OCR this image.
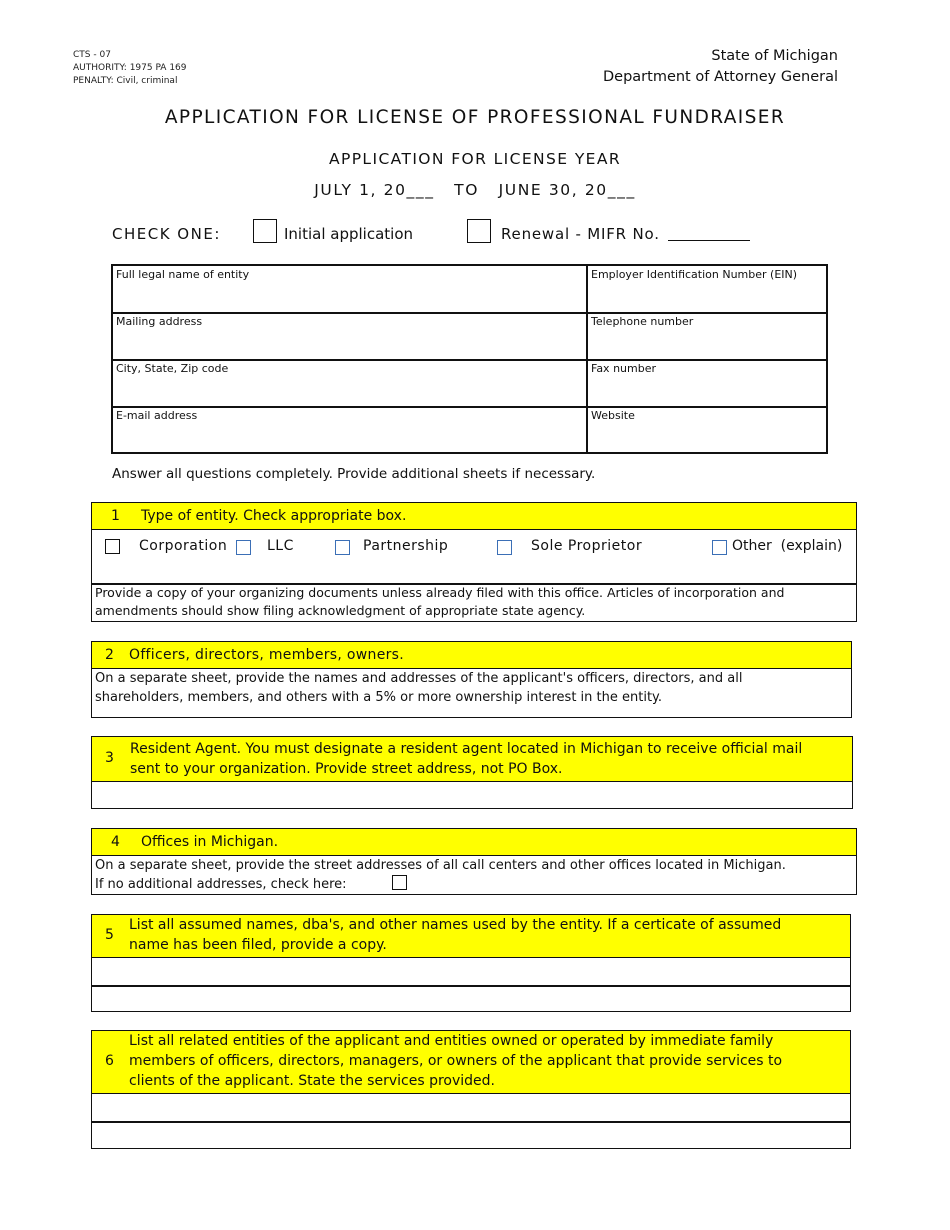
CTS - 07
AUTHORITY: 1975 PA 169
PENALTY: Civil, criminal
State of Michigan
Department of Attorney General
APPLICATION FOR LICENSE OF PROFESSIONAL FUNDRAISER
APPLICATION FOR LICENSE YEAR
JULY 1, 20___   TO   JUNE 30, 20___
CHECK ONE:	Initial application	Renewal - MIFR No.
Full legal name of entity	Employer Identification Number (EIN)
Mailing address	Telephone number
City, State, Zip code	Fax number
E-mail address	Website
Answer all questions completely. Provide additional sheets if necessary.
1 Type of entity. Check appropriate box.
Corporation	LLC	Partnership	Sole Proprietor	Other  (explain)
Provide a copy of your organizing documents unless already filed with this office. Articles of incorporation and
amendments should show filing acknowledgment of appropriate state agency.
2 Officers, directors, members, owners.
On a separate sheet, provide the names and addresses of the applicant's officers, directors, and all
shareholders, members, and others with a 5% or more ownership interest in the entity.
3
Resident Agent. You must designate a resident agent located in Michigan to receive official mail
sent to your organization. Provide street address, not PO Box.
4 Offices in Michigan.
On a separate sheet, provide the street addresses of all call centers and other offices located in Michigan.
If no additional addresses, check here:
5
List all assumed names, dba's, and other names used by the entity. If a certicate of assumed
name has been filed, provide a copy.
6
List all related entities of the applicant and entities owned or operated by immediate family
members of officers, directors, managers, or owners of the applicant that provide services to
clients of the applicant. State the services provided.
